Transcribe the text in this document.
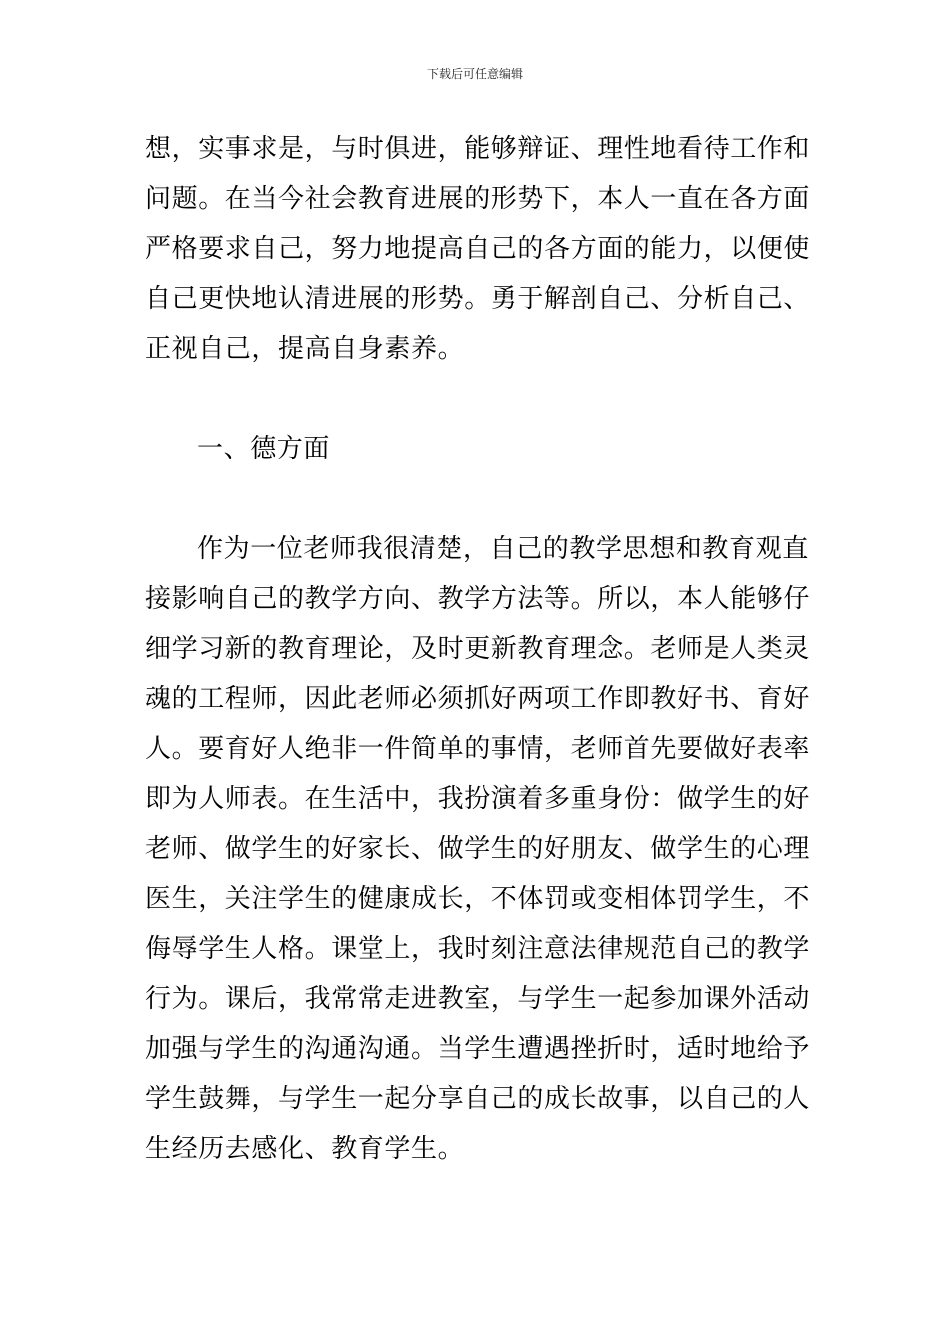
下载后可任意编辑
想，实事求是，与时俱进，能够辩证、理性地看待工作和
问题。在当今社会教育进展的形势下，本人一直在各方面
严格要求自己，努力地提高自己的各方面的能力，以便使
自己更快地认清进展的形势。勇于解剖自己、分析自己、
正视自己，提高自身素养。
一、德方面
作为一位老师我很清楚，自己的教学思想和教育观直
接影响自己的教学方向、教学方法等。所以，本人能够仔
细学习新的教育理论，及时更新教育理念。老师是人类灵
魂的工程师，因此老师必须抓好两项工作即教好书、育好
人。要育好人绝非一件简单的事情，老师首先要做好表率
即为人师表。在生活中，我扮演着多重身份：做学生的好
老师、做学生的好家长、做学生的好朋友、做学生的心理
医生，关注学生的健康成长，不体罚或变相体罚学生，不
侮辱学生人格。课堂上，我时刻注意法律规范自己的教学
行为。课后，我常常走进教室，与学生一起参加课外活动
加强与学生的沟通沟通。当学生遭遇挫折时，适时地给予
学生鼓舞，与学生一起分享自己的成长故事，以自己的人
生经历去感化、教育学生。
